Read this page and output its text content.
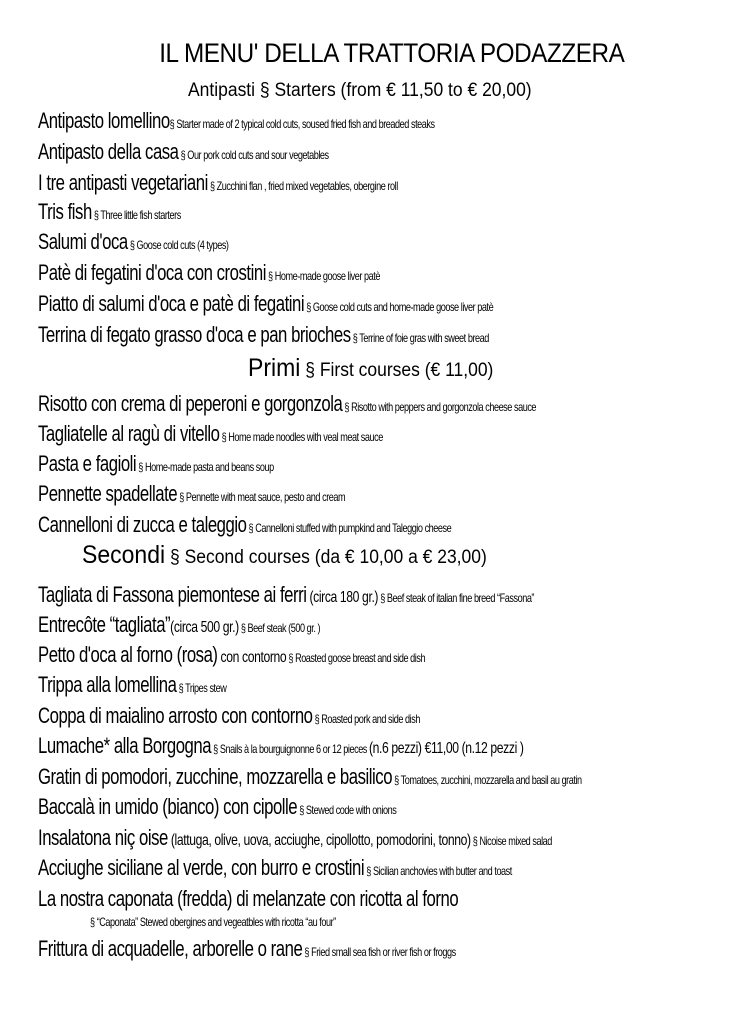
IL MENU' DELLA TRATTORIA PODAZZERA
Antipasti § Starters (from € 11,50 to € 20,00)
Antipasto lomellino§ Starter made of 2 typical cold cuts, soused fried fish and breaded steaks
Antipasto della casa § Our pork cold cuts and sour vegetables
I tre antipasti vegetariani § Zucchini flan , fried mixed vegetables, obergine roll
Tris fish § Three little fish starters
Salumi d'oca § Goose cold cuts (4 types)
Patè di fegatini d'oca con crostini § Home-made goose liver patè
Piatto di salumi d'oca e patè di fegatini § Goose cold cuts and home-made goose liver patè
Terrina di fegato grasso d'oca e pan brioches § Terrine of foie gras with sweet bread
Primi § First courses (€ 11,00)
Risotto con crema di peperoni e gorgonzola § Risotto with peppers and gorgonzola cheese sauce
Tagliatelle al ragù di vitello § Home made noodles with veal meat sauce
Pasta e fagioli § Home-made pasta and beans soup
Pennette spadellate § Pennette with meat sauce, pesto and cream
Cannelloni di zucca e taleggio § Cannelloni stuffed with pumpkind and Taleggio cheese
Secondi § Second courses (da € 10,00 a € 23,00)
Tagliata di Fassona piemontese ai ferri (circa 180 gr.) § Beef steak of italian fine breed “Fassona”
Entrecôte “tagliata”(circa 500 gr.) § Beef steak (500 gr. )
Petto d'oca al forno (rosa) con contorno § Roasted goose breast and side dish
Trippa alla lomellina § Tripes stew
Coppa di maialino arrosto con contorno § Roasted pork and side dish
Lumache* alla Borgogna § Snails à la bourguignonne 6 or 12 pieces (n.6 pezzi) €11,00 (n.12 pezzi )
Gratin di pomodori, zucchine, mozzarella e basilico § Tomatoes, zucchini, mozzarella and basil au gratin
Baccalà in umido (bianco) con cipolle § Stewed code with onions
Insalatona niç oise (lattuga, olive, uova, acciughe, cipollotto, pomodorini, tonno) § Nicoise mixed salad
Acciughe siciliane al verde, con burro e crostini § Sicilian anchovies with butter and toast
La nostra caponata (fredda) di melanzate con ricotta al forno
§ “Caponata” Stewed obergines and vegeatbles with ricotta “au four”
Frittura di acquadelle, arborelle o rane § Fried small sea fish or river fish or froggs
